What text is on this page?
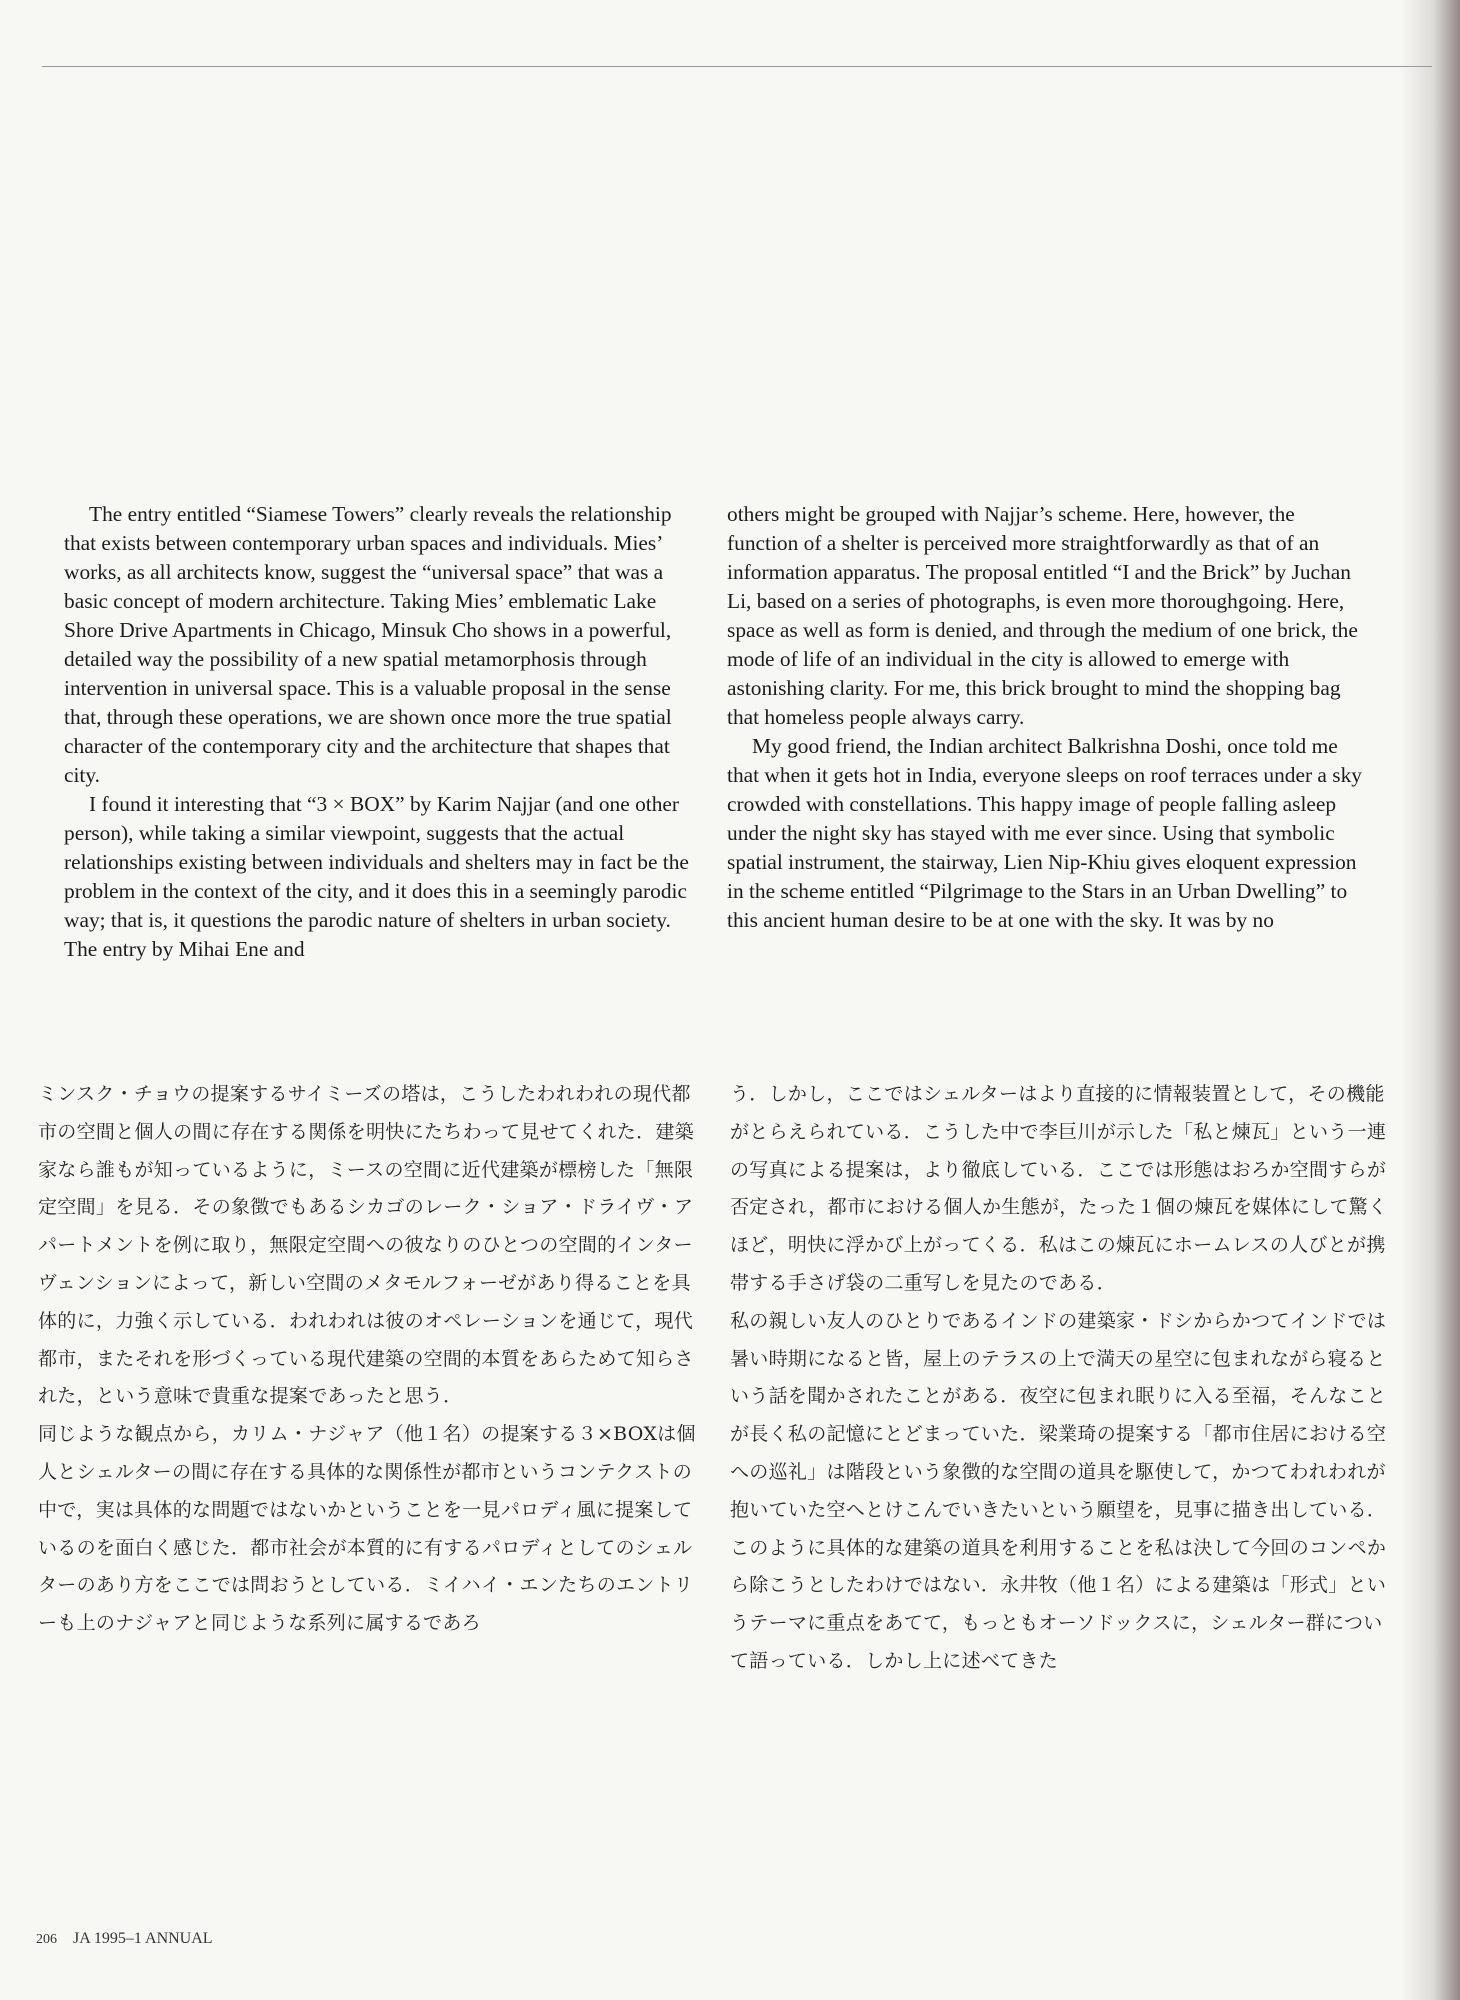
The entry entitled “Siamese Towers” clearly reveals the relationship that exists between contemporary urban spaces and individuals. Mies’ works, as all architects know, suggest the “universal space” that was a basic concept of modern architecture. Taking Mies’ emblematic Lake Shore Drive Apartments in Chicago, Minsuk Cho shows in a powerful, detailed way the possibility of a new spatial metamorphosis through intervention in universal space. This is a valuable proposal in the sense that, through these operations, we are shown once more the true spatial character of the contemporary city and the architecture that shapes that city.

I found it interesting that “3 × BOX” by Karim Najjar (and one other person), while taking a similar viewpoint, suggests that the actual relationships existing between individuals and shelters may in fact be the problem in the context of the city, and it does this in a seemingly parodic way; that is, it questions the parodic nature of shelters in urban society. The entry by Mihai Ene and

others might be grouped with Najjar’s scheme. Here, however, the function of a shelter is perceived more straightforwardly as that of an information apparatus. The proposal entitled “I and the Brick” by Juchan Li, based on a series of photographs, is even more thoroughgoing. Here, space as well as form is denied, and through the medium of one brick, the mode of life of an individual in the city is allowed to emerge with astonishing clarity. For me, this brick brought to mind the shopping bag that homeless people always carry.

My good friend, the Indian architect Balkrishna Doshi, once told me that when it gets hot in India, everyone sleeps on roof terraces under a sky crowded with constellations. This happy image of people falling asleep under the night sky has stayed with me ever since. Using that symbolic spatial instrument, the stairway, Lien Nip-Khiu gives eloquent expression in the scheme entitled “Pilgrimage to the Stars in an Urban Dwelling” to this ancient human desire to be at one with the sky. It was by no

ミンスク・チョウの提案するサイミーズの塔は，こうしたわれわれの現代都市の空間と個人の間に存在する関係を明快にたちわって見せてくれた．建築家なら誰もが知っているように，ミースの空間に近代建築が標榜した「無限定空間」を見る．その象徴でもあるシカゴのレーク・ショア・ドライヴ・アパートメントを例に取り，無限定空間への彼なりのひとつの空間的インターヴェンションによって，新しい空間のメタモルフォーゼがあり得ることを具体的に，力強く示している．われわれは彼のオペレーションを通じて，現代都市，またそれを形づくっている現代建築の空間的本質をあらためて知らされた，という意味で貴重な提案であったと思う．

同じような観点から，カリム・ナジャア（他１名）の提案する３×BOXは個人とシェルターの間に存在する具体的な関係性が都市というコンテクストの中で，実は具体的な問題ではないかということを一見パロディ風に提案しているのを面白く感じた．都市社会が本質的に有するパロディとしてのシェルターのあり方をここでは問おうとしている．ミイハイ・エンたちのエントリーも上のナジャアと同じような系列に属するであろ

う．しかし，ここではシェルターはより直接的に情報装置として，その機能がとらえられている．こうした中で李巨川が示した「私と煉瓦」という一連の写真による提案は，より徹底している．ここでは形態はおろか空間すらが否定され，都市における個人か生態が，たった１個の煉瓦を媒体にして驚くほど，明快に浮かび上がってくる．私はこの煉瓦にホームレスの人びとが携帯する手さげ袋の二重写しを見たのである．

私の親しい友人のひとりであるインドの建築家・ドシからかつてインドでは暑い時期になると皆，屋上のテラスの上で満天の星空に包まれながら寝るという話を聞かされたことがある．夜空に包まれ眠りに入る至福，そんなことが長く私の記憶にとどまっていた．梁業琦の提案する「都市住居における空への巡礼」は階段という象徴的な空間の道具を駆使して，かつてわれわれが抱いていた空へとけこんでいきたいという願望を，見事に描き出している．このように具体的な建築の道具を利用することを私は決して今回のコンペから除こうとしたわけではない．永井牧（他１名）による建築は「形式」というテーマに重点をあてて，もっともオーソドックスに，シェルター群について語っている．しかし上に述べてきた

206 JA 1995–1 ANNUAL
